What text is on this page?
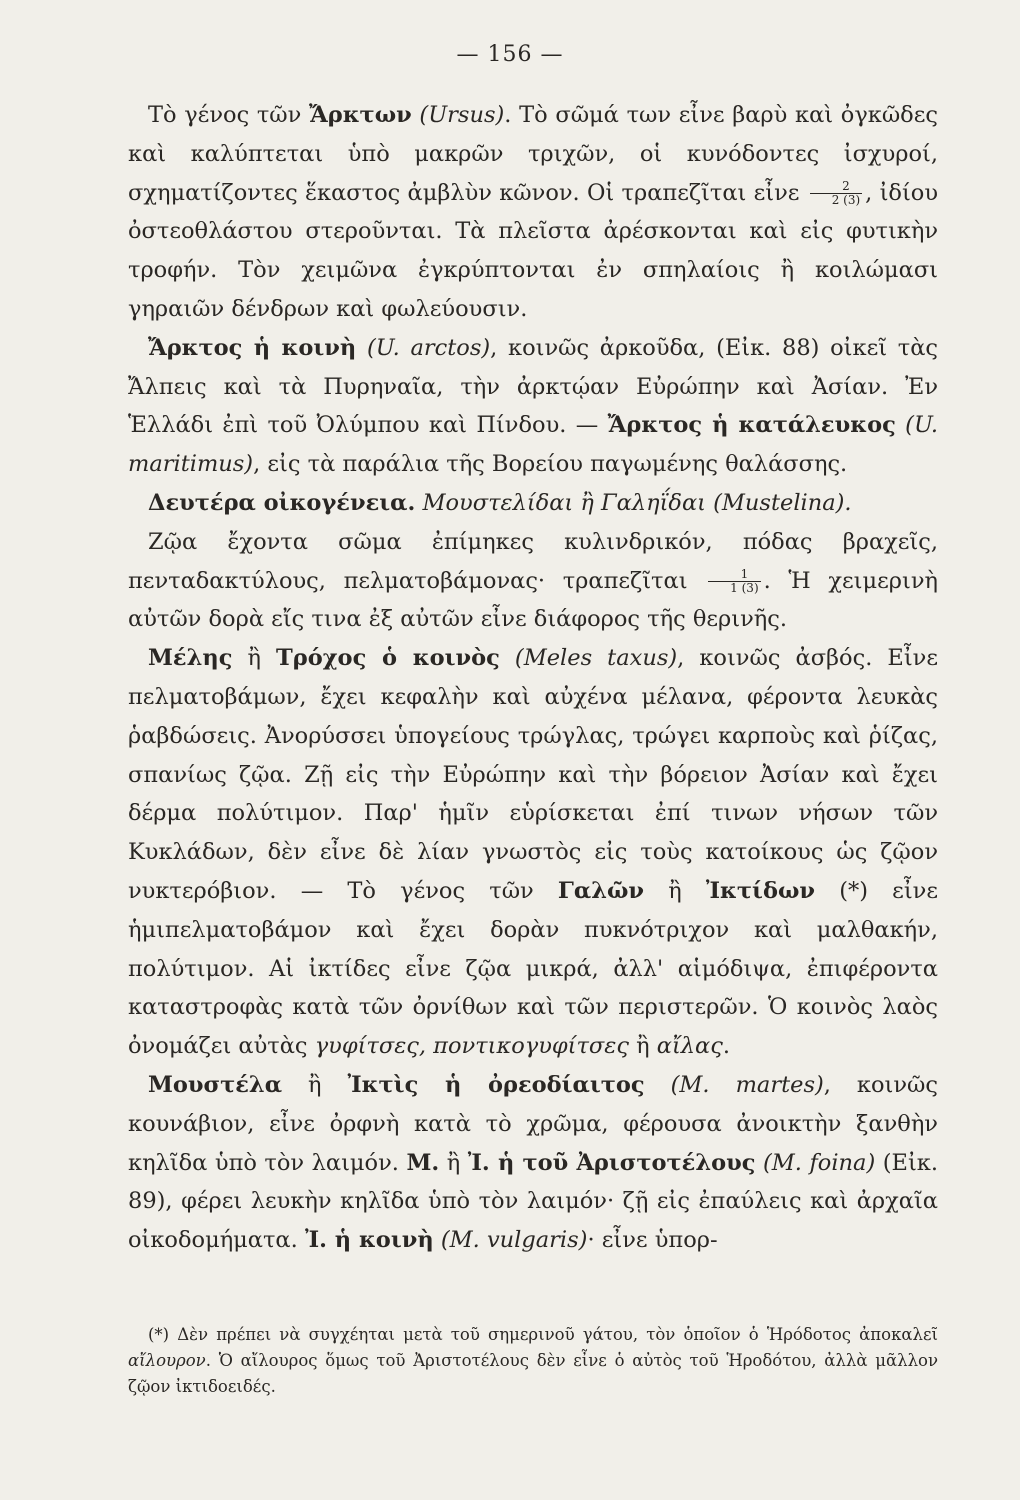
— 156 —

Τὸ γένος τῶν Ἄρκτων (Ursus). Τὸ σῶμά των εἶνε βαρὺ καὶ ὀγκῶδες καὶ καλύπτεται ὑπὸ μακρῶν τριχῶν, οἱ κυνόδοντες ἰσχυροί, σχηματίζοντες ἕκαστος ἀμβλὺν κῶνον. Οἱ τραπεζῖται εἶνε $\frac{2}{2 (3)}$ , ἰδίου ὀστεοθλάστου στεροῦνται. Τὰ πλεῖστα ἀρέσκονται καὶ εἰς φυτικὴν τροφήν. Τὸν χειμῶνα ἐγκρύπτονται ἐν σπηλαίοις ἢ κοιλώμασι γηραιῶν δένδρων καὶ φωλεύουσιν.

Ἄρκτος ἡ κοινὴ (U. arctos), κοινῶς ἀρκοῦδα, (Εἰκ. 88) οἰκεῖ τὰς Ἄλπεις καὶ τὰ Πυρηναῖα, τὴν ἀρκτῴαν Εὐρώπην καὶ Ἀσίαν. Ἐν Ἑλλάδι ἐπὶ τοῦ Ὀλύμπου καὶ Πίνδου. — Ἄρκτος ἡ κατάλευκος (U. maritimus), εἰς τὰ παράλια τῆς Βορείου παγωμένης θαλάσσης.

Δευτέρα οἰκογένεια. Μουστελίδαι ἢ Γαληΐδαι (Mustelina).

Ζῷα ἔχοντα σῶμα ἐπίμηκες κυλινδρικόν, πόδας βραχεῖς, πενταδακτύλους, πελματοβάμονας· τραπεζῖται $\frac{1}{1 (3)}$ . Ἡ χειμερινὴ αὐτῶν δορὰ εἴς τινα ἐξ αὐτῶν εἶνε διάφορος τῆς θερινῆς.

Μέλης ἢ Τρόχος ὁ κοινὸς (Meles taxus), κοινῶς ἀσβός. Εἶνε πελματοβάμων, ἔχει κεφαλὴν καὶ αὐχένα μέλανα, φέροντα λευκὰς ῥαβδώσεις. Ἀνορύσσει ὑπογείους τρώγλας, τρώγει καρποὺς καὶ ῥίζας, σπανίως ζῷα. Ζῇ εἰς τὴν Εὐρώπην καὶ τὴν βόρειον Ἀσίαν καὶ ἔχει δέρμα πολύτιμον. Παρ' ἡμῖν εὑρίσκεται ἐπί τινων νήσων τῶν Κυκλάδων, δὲν εἶνε δὲ λίαν γνωστὸς εἰς τοὺς κατοίκους ὡς ζῷον νυκτερόβιον. — Τὸ γένος τῶν Γαλῶν ἢ Ἰκτίδων (*) εἶνε ἡμιπελματοβάμον καὶ ἔχει δορὰν πυκνότριχον καὶ μαλθακήν, πολύτιμον. Αἱ ἰκτίδες εἶνε ζῷα μικρά, ἀλλ' αἱμόδιψα, ἐπιφέροντα καταστροφὰς κατὰ τῶν ὀρνίθων καὶ τῶν περιστερῶν. Ὁ κοινὸς λαὸς ὀνομάζει αὐτὰς γυφίτσες, ποντικογυφίτσες ἢ αἴλας.

Μουστέλα ἢ Ἰκτὶς ἡ ὀρεοδίαιτος (M. martes), κοινῶς κουνάβιον, εἶνε ὀρφνὴ κατὰ τὸ χρῶμα, φέρουσα ἀνοικτὴν ξανθὴν κηλῖδα ὑπὸ τὸν λαιμόν. Μ. ἢ Ἰ. ἡ τοῦ Ἀριστοτέλους (M. foina) (Εἰκ. 89), φέρει λευκὴν κηλῖδα ὑπὸ τὸν λαιμόν· ζῇ εἰς ἐπαύλεις καὶ ἀρχαῖα οἰκοδομήματα. Ἰ. ἡ κοινὴ (M. vulgaris)· εἶνε ὑπορ-

(*) Δὲν πρέπει νὰ συγχέηται μετὰ τοῦ σημερινοῦ γάτου, τὸν ὁποῖον ὁ Ἡρόδοτος ἀποκαλεῖ αἴλουρον. Ὁ αἴλουρος ὅμως τοῦ Ἀριστοτέλους δὲν εἶνε ὁ αὐτὸς τοῦ Ἡροδότου, ἀλλὰ μᾶλλον ζῷον ἰκτιδοειδές.
